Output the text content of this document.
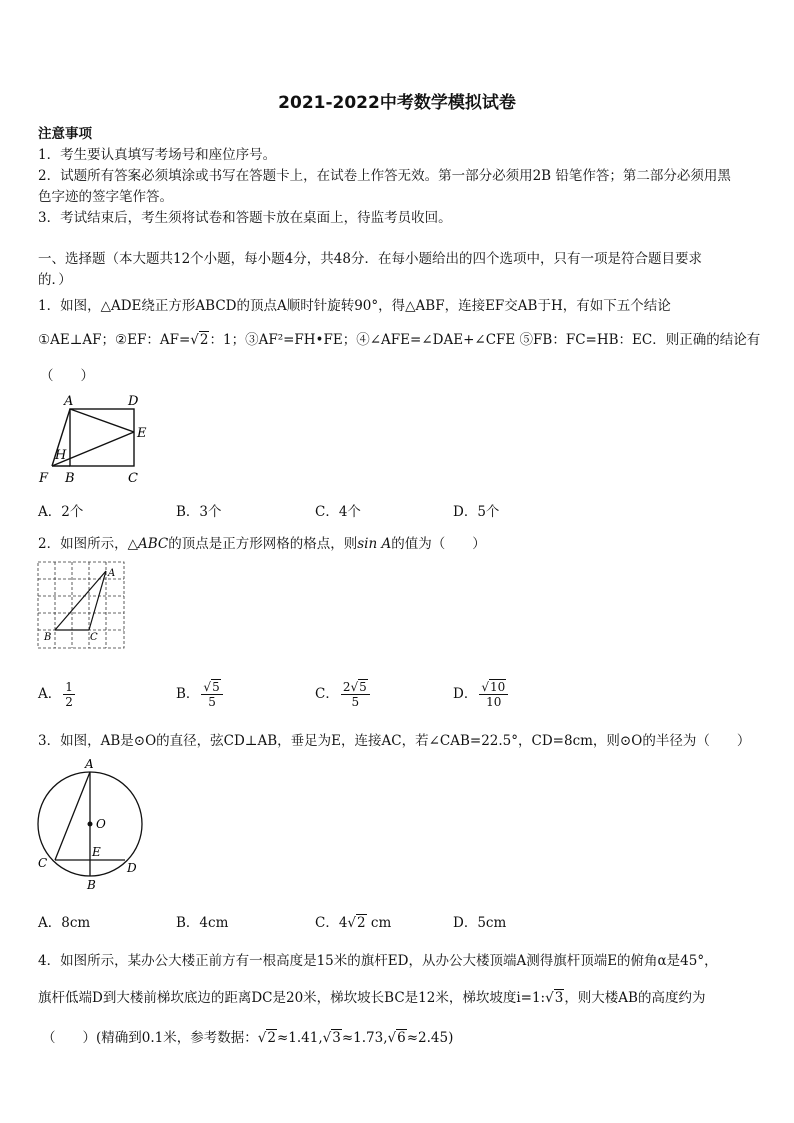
2021-2022中考数学模拟试卷
注意事项
1．考生要认真填写考场号和座位序号。
2．试题所有答案必须填涂或书写在答题卡上，在试卷上作答无效。第一部分必须用2B 铅笔作答；第二部分必须用黑
色字迹的签字笔作答。
3．考试结束后，考生须将试卷和答题卡放在桌面上，待监考员收回。
一、选择题（本大题共12个小题，每小题4分，共48分．在每小题给出的四个选项中，只有一项是符合题目要求
的．）
1．如图，△ADE绕正方形ABCD的顶点A顺时针旋转90°，得△ABF，连接EF交AB于H，有如下五个结论
①AE⊥AF；②EF：AF=√2：1；③AF²=FH•FE；④∠AFE=∠DAE+∠CFE ⑤FB：FC=HB：EC．则正确的结论有
（　　）
A	D
E
H
F B	C
A．2个	B．3个	C．4个	D．5个
2．如图所示，△ABC的顶点是正方形网格的格点，则sin A的值为（　　）
A
B	C
A． $\frac{1}{2}$	B． $\frac{√5}{5}$	C． $\frac{2√5}{5}$	D． $\frac{√10}{10}$
3．如图，AB是⊙O的直径，弦CD⊥AB，垂足为E，连接AC，若∠CAB=22.5°，CD=8cm，则⊙O的半径为（　　）
A
O
E
C	D
B
A．8cm	B．4cm	C．4√2 cm	D．5cm
4．如图所示，某办公大楼正前方有一根高度是15米的旗杆ED，从办公大楼顶端A测得旗杆顶端E的俯角α是45°，
旗杆低端D到大楼前梯坎底边的距离DC是20米，梯坎坡长BC是12米，梯坎坡度i=1:√3，则大楼AB的高度约为
（　　）(精确到0.1米，参考数据：√2≈1.41,√3≈1.73,√6≈2.45)
